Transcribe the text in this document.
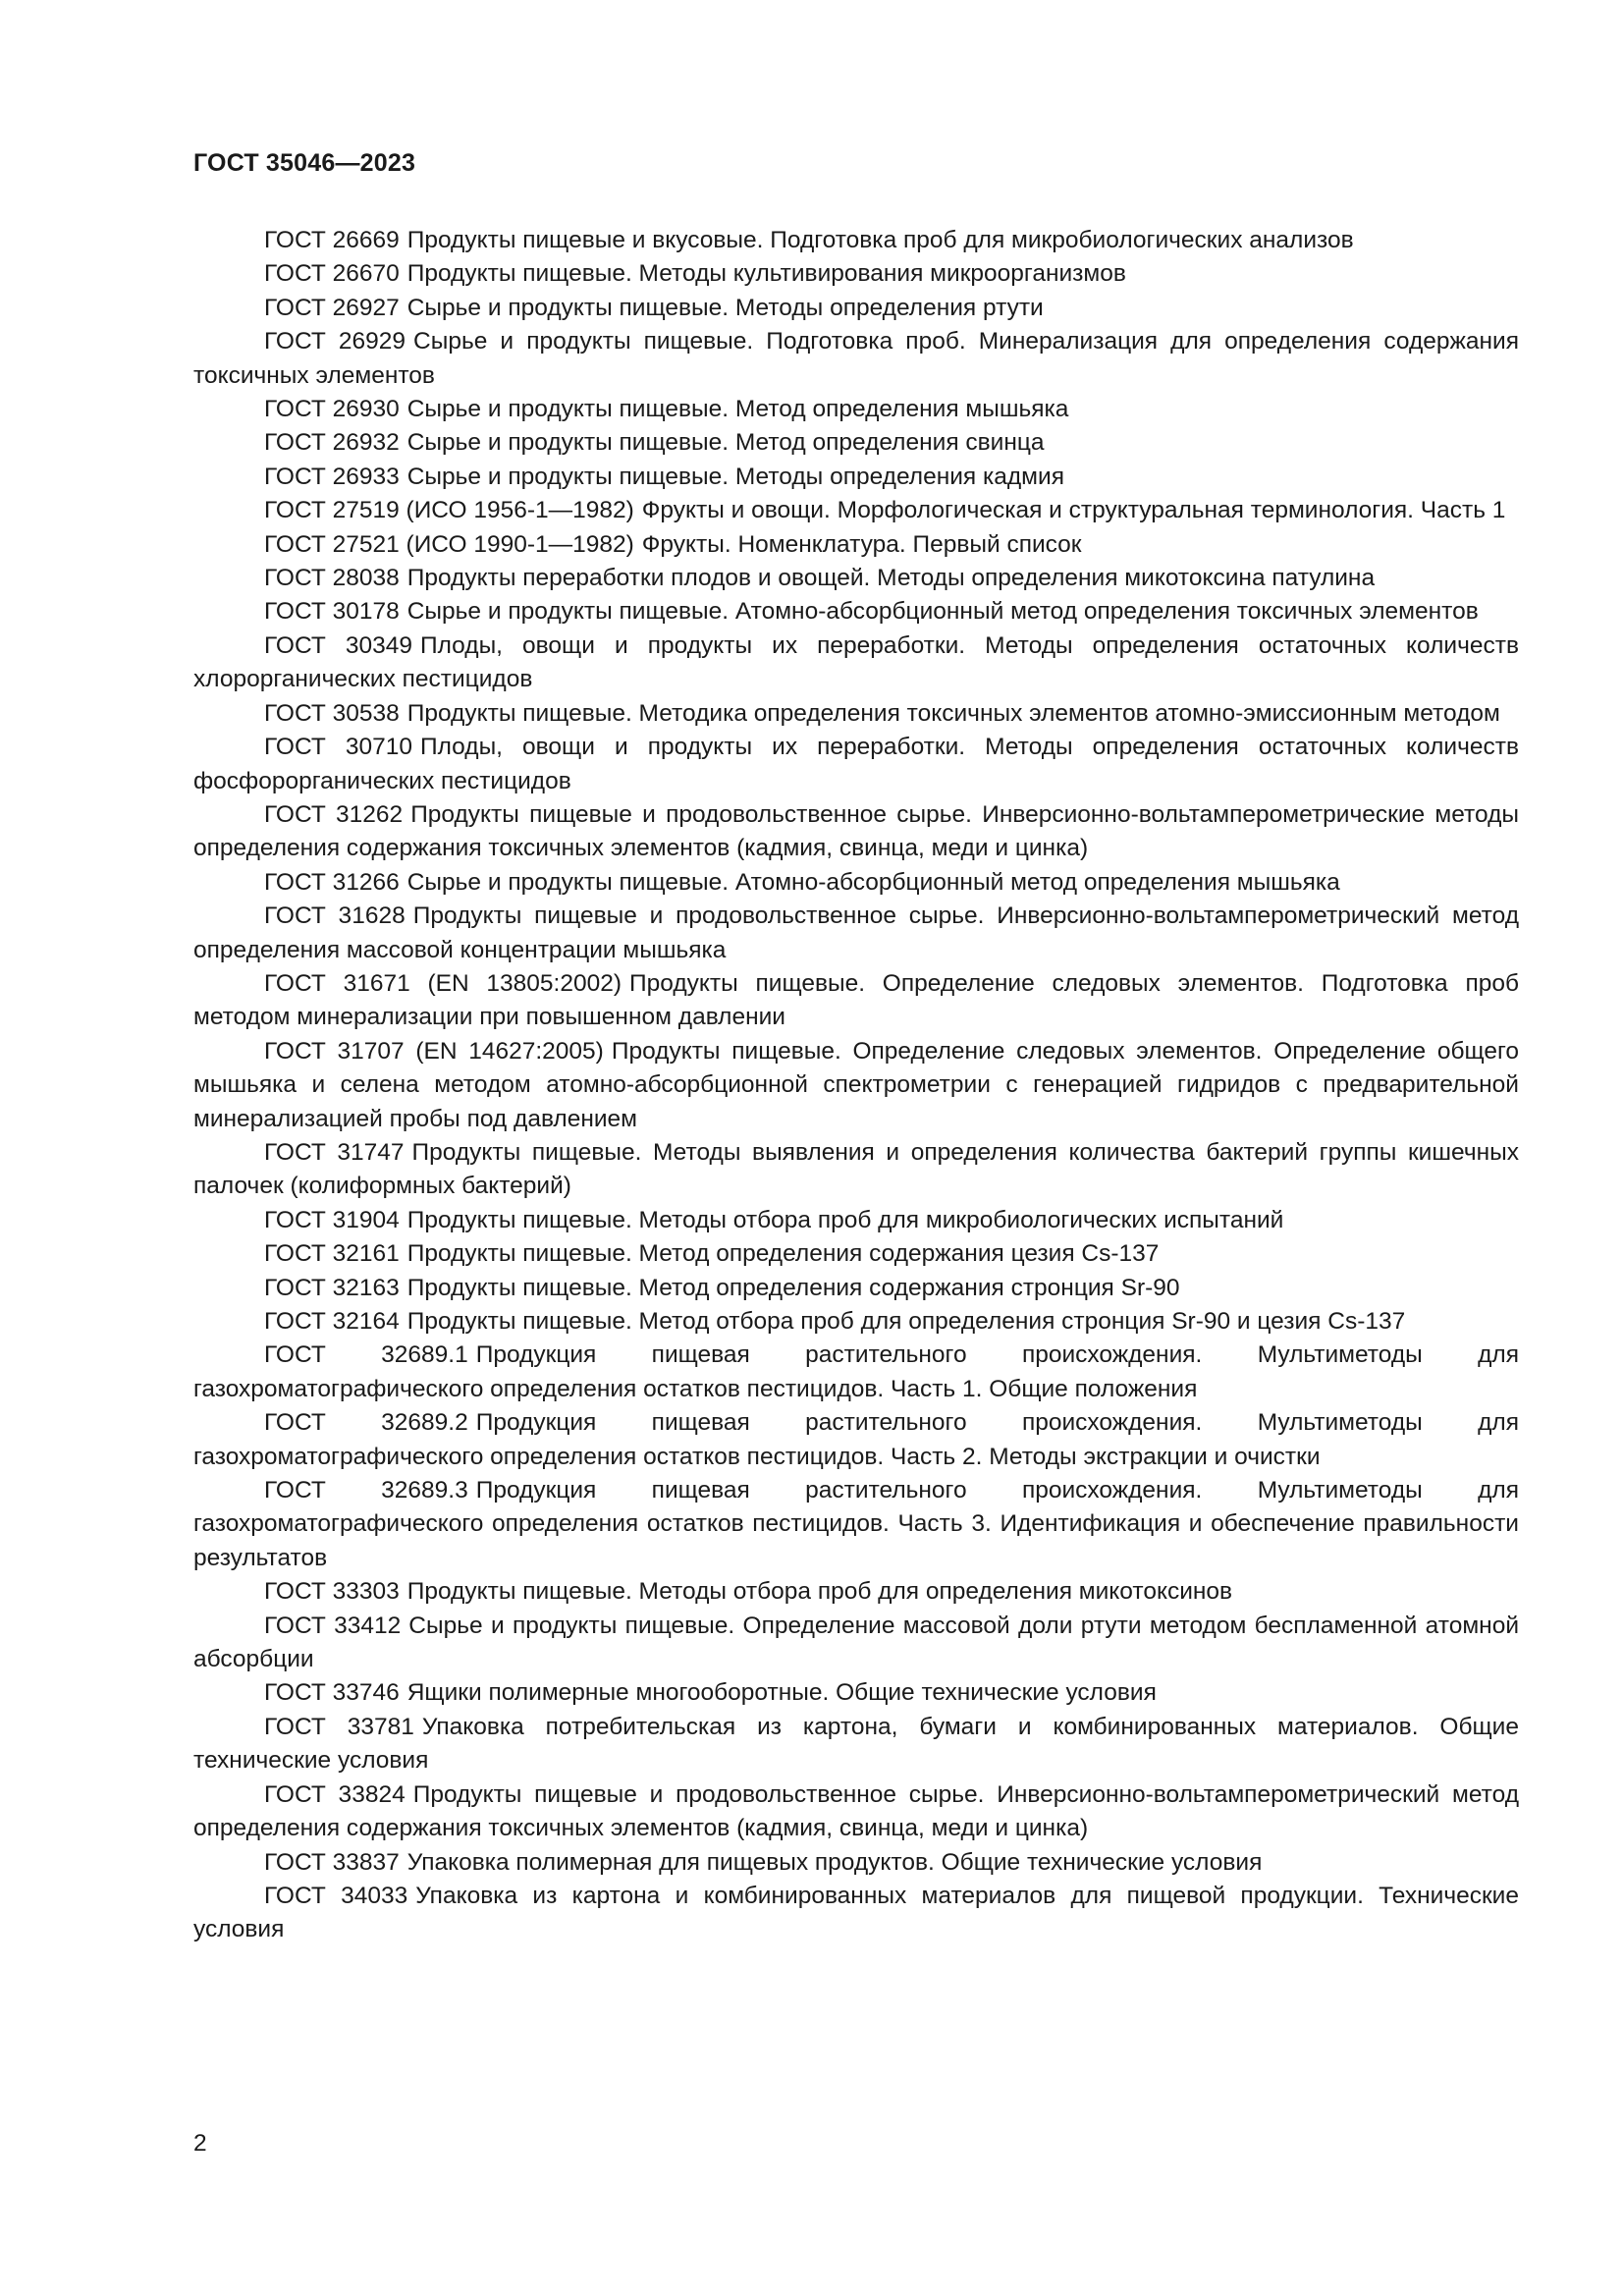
ГОСТ 35046—2023

ГОСТ 26669 Продукты пищевые и вкусовые. Подготовка проб для микробиологических анализов

ГОСТ 26670 Продукты пищевые. Методы культивирования микроорганизмов

ГОСТ 26927 Сырье и продукты пищевые. Методы определения ртути

ГОСТ 26929 Сырье и продукты пищевые. Подготовка проб. Минерализация для определения содержания токсичных элементов

ГОСТ 26930 Сырье и продукты пищевые. Метод определения мышьяка

ГОСТ 26932 Сырье и продукты пищевые. Метод определения свинца

ГОСТ 26933 Сырье и продукты пищевые. Методы определения кадмия

ГОСТ 27519 (ИСО 1956-1—1982) Фрукты и овощи. Морфологическая и структуральная терминология. Часть 1

ГОСТ 27521 (ИСО 1990-1—1982) Фрукты. Номенклатура. Первый список

ГОСТ 28038 Продукты переработки плодов и овощей. Методы определения микотоксина патулина

ГОСТ 30178 Сырье и продукты пищевые. Атомно-абсорбционный метод определения токсичных элементов

ГОСТ 30349 Плоды, овощи и продукты их переработки. Методы определения остаточных количеств хлорорганических пестицидов

ГОСТ 30538 Продукты пищевые. Методика определения токсичных элементов атомно-эмиссионным методом

ГОСТ 30710 Плоды, овощи и продукты их переработки. Методы определения остаточных количеств фосфорорганических пестицидов

ГОСТ 31262 Продукты пищевые и продовольственное сырье. Инверсионно-вольтамперометрические методы определения содержания токсичных элементов (кадмия, свинца, меди и цинка)

ГОСТ 31266 Сырье и продукты пищевые. Атомно-абсорбционный метод определения мышьяка

ГОСТ 31628 Продукты пищевые и продовольственное сырье. Инверсионно-вольтамперометрический метод определения массовой концентрации мышьяка

ГОСТ 31671 (EN 13805:2002) Продукты пищевые. Определение следовых элементов. Подготовка проб методом минерализации при повышенном давлении

ГОСТ 31707 (EN 14627:2005) Продукты пищевые. Определение следовых элементов. Определение общего мышьяка и селена методом атомно-абсорбционной спектрометрии с генерацией гидридов с предварительной минерализацией пробы под давлением

ГОСТ 31747 Продукты пищевые. Методы выявления и определения количества бактерий группы кишечных палочек (колиформных бактерий)

ГОСТ 31904 Продукты пищевые. Методы отбора проб для микробиологических испытаний

ГОСТ 32161 Продукты пищевые. Метод определения содержания цезия Cs-137

ГОСТ 32163 Продукты пищевые. Метод определения содержания стронция Sr-90

ГОСТ 32164 Продукты пищевые. Метод отбора проб для определения стронция Sr-90 и цезия Cs-137

ГОСТ 32689.1 Продукция пищевая растительного происхождения. Мультиметоды для газохроматографического определения остатков пестицидов. Часть 1. Общие положения

ГОСТ 32689.2 Продукция пищевая растительного происхождения. Мультиметоды для газохроматографического определения остатков пестицидов. Часть 2. Методы экстракции и очистки

ГОСТ 32689.3 Продукция пищевая растительного происхождения. Мультиметоды для газохроматографического определения остатков пестицидов. Часть 3. Идентификация и обеспечение правильности результатов

ГОСТ 33303 Продукты пищевые. Методы отбора проб для определения микотоксинов

ГОСТ 33412 Сырье и продукты пищевые. Определение массовой доли ртути методом беспламенной атомной абсорбции

ГОСТ 33746 Ящики полимерные многооборотные. Общие технические условия

ГОСТ 33781 Упаковка потребительская из картона, бумаги и комбинированных материалов. Общие технические условия

ГОСТ 33824 Продукты пищевые и продовольственное сырье. Инверсионно-вольтамперометрический метод определения содержания токсичных элементов (кадмия, свинца, меди и цинка)

ГОСТ 33837 Упаковка полимерная для пищевых продуктов. Общие технические условия

ГОСТ 34033 Упаковка из картона и комбинированных материалов для пищевой продукции. Технические условия

2
